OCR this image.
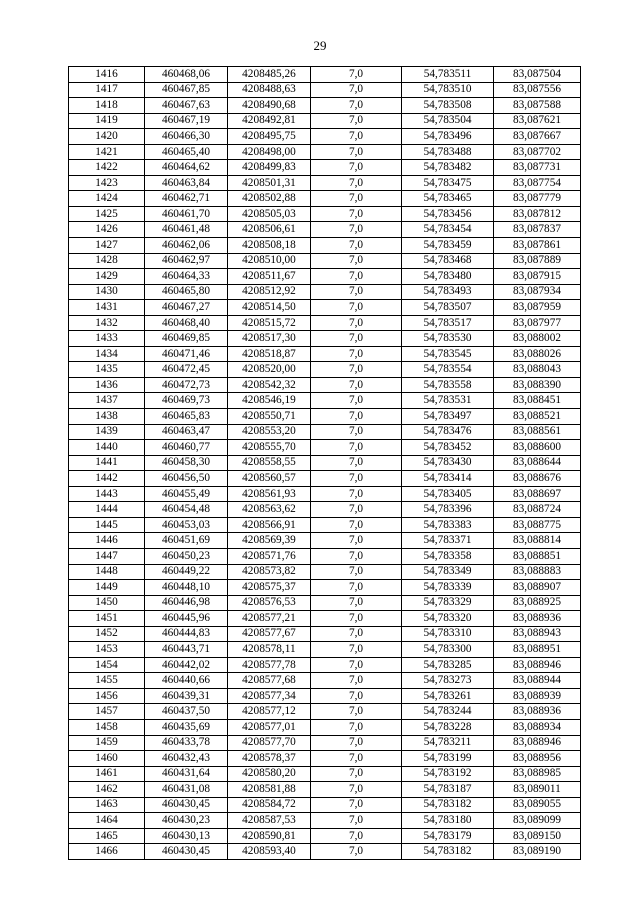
29
1416	460468,06	4208485,26	7,0	54,783511	83,087504
1417	460467,85	4208488,63	7,0	54,783510	83,087556
1418	460467,63	4208490,68	7,0	54,783508	83,087588
1419	460467,19	4208492,81	7,0	54,783504	83,087621
1420	460466,30	4208495,75	7,0	54,783496	83,087667
1421	460465,40	4208498,00	7,0	54,783488	83,087702
1422	460464,62	4208499,83	7,0	54,783482	83,087731
1423	460463,84	4208501,31	7,0	54,783475	83,087754
1424	460462,71	4208502,88	7,0	54,783465	83,087779
1425	460461,70	4208505,03	7,0	54,783456	83,087812
1426	460461,48	4208506,61	7,0	54,783454	83,087837
1427	460462,06	4208508,18	7,0	54,783459	83,087861
1428	460462,97	4208510,00	7,0	54,783468	83,087889
1429	460464,33	4208511,67	7,0	54,783480	83,087915
1430	460465,80	4208512,92	7,0	54,783493	83,087934
1431	460467,27	4208514,50	7,0	54,783507	83,087959
1432	460468,40	4208515,72	7,0	54,783517	83,087977
1433	460469,85	4208517,30	7,0	54,783530	83,088002
1434	460471,46	4208518,87	7,0	54,783545	83,088026
1435	460472,45	4208520,00	7,0	54,783554	83,088043
1436	460472,73	4208542,32	7,0	54,783558	83,088390
1437	460469,73	4208546,19	7,0	54,783531	83,088451
1438	460465,83	4208550,71	7,0	54,783497	83,088521
1439	460463,47	4208553,20	7,0	54,783476	83,088561
1440	460460,77	4208555,70	7,0	54,783452	83,088600
1441	460458,30	4208558,55	7,0	54,783430	83,088644
1442	460456,50	4208560,57	7,0	54,783414	83,088676
1443	460455,49	4208561,93	7,0	54,783405	83,088697
1444	460454,48	4208563,62	7,0	54,783396	83,088724
1445	460453,03	4208566,91	7,0	54,783383	83,088775
1446	460451,69	4208569,39	7,0	54,783371	83,088814
1447	460450,23	4208571,76	7,0	54,783358	83,088851
1448	460449,22	4208573,82	7,0	54,783349	83,088883
1449	460448,10	4208575,37	7,0	54,783339	83,088907
1450	460446,98	4208576,53	7,0	54,783329	83,088925
1451	460445,96	4208577,21	7,0	54,783320	83,088936
1452	460444,83	4208577,67	7,0	54,783310	83,088943
1453	460443,71	4208578,11	7,0	54,783300	83,088951
1454	460442,02	4208577,78	7,0	54,783285	83,088946
1455	460440,66	4208577,68	7,0	54,783273	83,088944
1456	460439,31	4208577,34	7,0	54,783261	83,088939
1457	460437,50	4208577,12	7,0	54,783244	83,088936
1458	460435,69	4208577,01	7,0	54,783228	83,088934
1459	460433,78	4208577,70	7,0	54,783211	83,088946
1460	460432,43	4208578,37	7,0	54,783199	83,088956
1461	460431,64	4208580,20	7,0	54,783192	83,088985
1462	460431,08	4208581,88	7,0	54,783187	83,089011
1463	460430,45	4208584,72	7,0	54,783182	83,089055
1464	460430,23	4208587,53	7,0	54,783180	83,089099
1465	460430,13	4208590,81	7,0	54,783179	83,089150
1466	460430,45	4208593,40	7,0	54,783182	83,089190
